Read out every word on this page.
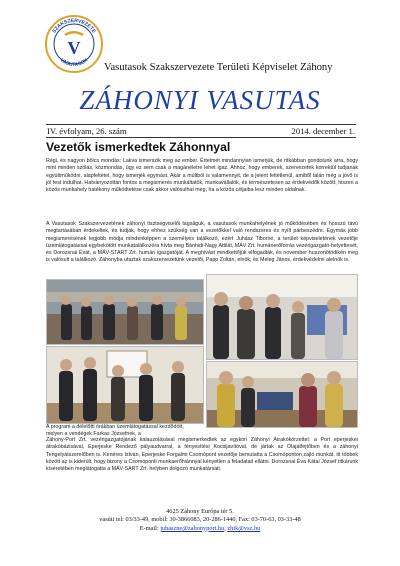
SZAKSZERVEZETE
VASUTASOK
V
Vasutasok Szakszervezete Területi Képviselet Záhony
ZÁHONYI VASUTAS
IV. évfolyam, 26. szám	2014. december 1.
Vezetők ismerkedtek Záhonnyal

Régi, és nagyon bölcs mondás: Lakva ismerszik meg az ember. Értelmét mindannyian ismerjük, de ritkábban gondolunk arra, hogy mint minden szólás, közmondás, úgy ez sem csak a magánéletre lehet igaz. Ahhoz, hogy emberek, szervezetek korrektül tudjanak együttműködni, alapfeltétel, hogy ismerjék egymást. Akár a múltból is valamennyit, de a jelent feltétlenül, amiből talán még a jövő is jól fest indulhat. Hatványozottan fontos a megismerés munkáltatók, munkavállalók, és természetesen az érdekvédők között, hiszen a közös munkahely hatékony működtetése csak akkor valósulhat meg, ha a közös céljaiba lesz minden oldalnak.

A Vasutasok Szakszervezetének záhonyi tisztségviselői tagságuk, a vasutasok munkahelyének jó működésében és hosszú távú megtartásában érdekeltek, és tudják, hogy ehhez szükség van a vezetőkkel való rendszeres és nyílt párbeszédre. Egymás jobb megismerésének legjobb módja mindenképpen a személyes találkozó, ezért Juhász Tiborné, a terület képviseletének vezetője üzemlátogatással egybekötött munkatalálkozóra hívta meg Bánhidi-Nagy Attilát, MÁV Zrt. humánerőforrás vezérigazgató-helyettesét, és Dorozsnai Évát, a MÁV-START Zrt. humán igazgatóját. A meghívást mindkettőjük elfogadták, és november huszonötödikén meg is valósult a találkozó. Záhonyba utaztak szakszervezetünk vezetői, Papp Zoltán, elnök, és Meleg János, érdekvédelmi alelnök is.

A program a délelőtti órákban üzemlátogatással kezdődött, melyen a vendégek Farkas Józsefnek, a

Záhony-Port Zrt. vezérigazgatójának kalauzolásával megismerkedtek az egykori Záhonyi Átrakókörzettel: a Port eperjeskei átrakóbázisával, Eperjeske Rendező pályaudvarral, a fényesítési Kocsijavítóval, de jártak az Olajátfejtőben és a záhonyi Tengelyátszerelőben is. Kenéres István, Eperjeske Forgalmi Csomópont vezetője bemutatta a Csomóponton zajló munkát, itt többek között az is kiderült, hogy bizony a Csomóponti munkaerőhiánnyal kényetlen a feladatait ellátni. Dorozsnai Éva Kátai József titkárunk kíséretében meglátogatta a MÁV-SART Zrt. helyben dolgozó munkatársait.

4625 Záhony Európa tér 5.
vasúti tel: 03/33-49, mobil: 30-3866083, 20-286-1440, Fax: 03-70-63, 03-33-48
E-mail: juhaszne@zahonyport.hu, zhtk@vsz.hu
